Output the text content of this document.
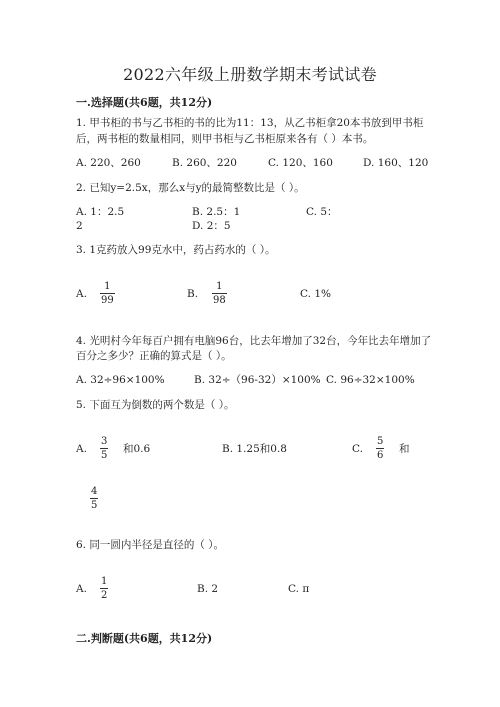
2022六年级上册数学期末考试试卷
一.选择题(共6题，共12分)
1. 甲书柜的书与乙书柜的书的比为11：13，从乙书柜拿20本书放到甲书柜
后，两书柜的数量相同，则甲书柜与乙书柜原来各有（ ）本书。
A. 220、260	B. 260、220	C. 120、160	D. 160、120
2. 已知y=2.5x，那么x与y的最简整数比是（ ）。
A. 1：2.5	B. 2.5：1	C. 5：
2	D. 2：5
3. 1克药放入99克水中，药占药水的（ ）。
A.
1
99
B.
1
98
C. 1%
4. 光明村今年每百户拥有电脑96台，比去年增加了32台，今年比去年增加了
百分之多少？正确的算式是（ ）。
A. 32÷96×100%	B. 32÷（96-32）×100% C. 96÷32×100%
5. 下面互为倒数的两个数是（ ）。
A.
3
5
和0.6	B. 1.25和0.8	C.
5
6
和
4
5
6. 同一圆内半径是直径的（ ）。
A.
1
2
B. 2	C. π
二.判断题(共6题，共12分)
